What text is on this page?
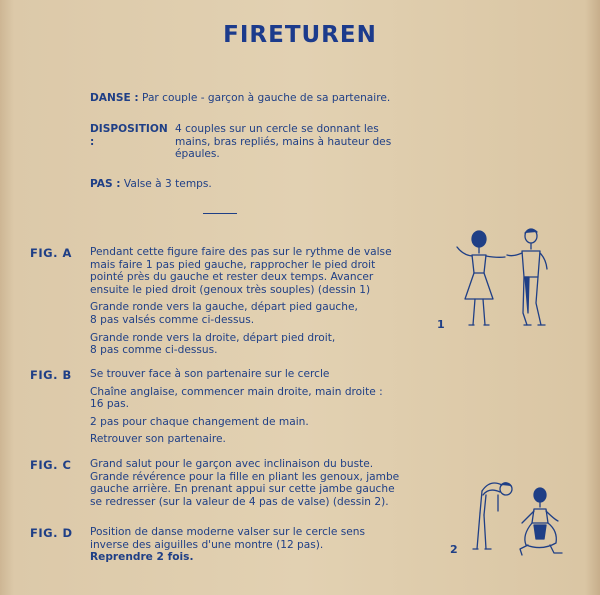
FIRETUREN
DANSE : Par couple - garçon à gauche de sa partenaire.
DISPOSITION :
4 couples sur un cercle se donnant les
mains, bras repliés, mains à hauteur des
épaules.
PAS : Valse à 3 temps.
FIG. A Pendant cette figure faire des pas sur le rythme de valse
mais faire 1 pas pied gauche, rapprocher le pied droit
pointé près du gauche et rester deux temps. Avancer
ensuite le pied droit (genoux très souples) (dessin 1)

Grande ronde vers la gauche, départ pied gauche,
8 pas valsés comme ci-dessus.

Grande ronde vers la droite, départ pied droit,
8 pas comme ci-dessus.

FIG. B Se trouver face à son partenaire sur le cercle

Chaîne anglaise, commencer main droite, main droite :
16 pas.

2 pas pour chaque changement de main.

Retrouver son partenaire.

FIG. C Grand salut pour le garçon avec inclinaison du buste.
Grande révérence pour la fille en pliant les genoux, jambe
gauche arrière. En prenant appui sur cette jambe gauche
se redresser (sur la valeur de 4 pas de valse) (dessin 2).

FIG. D Position de danse moderne valser sur le cercle sens
inverse des aiguilles d'une montre (12 pas).
Reprendre 2 fois.

1
2
